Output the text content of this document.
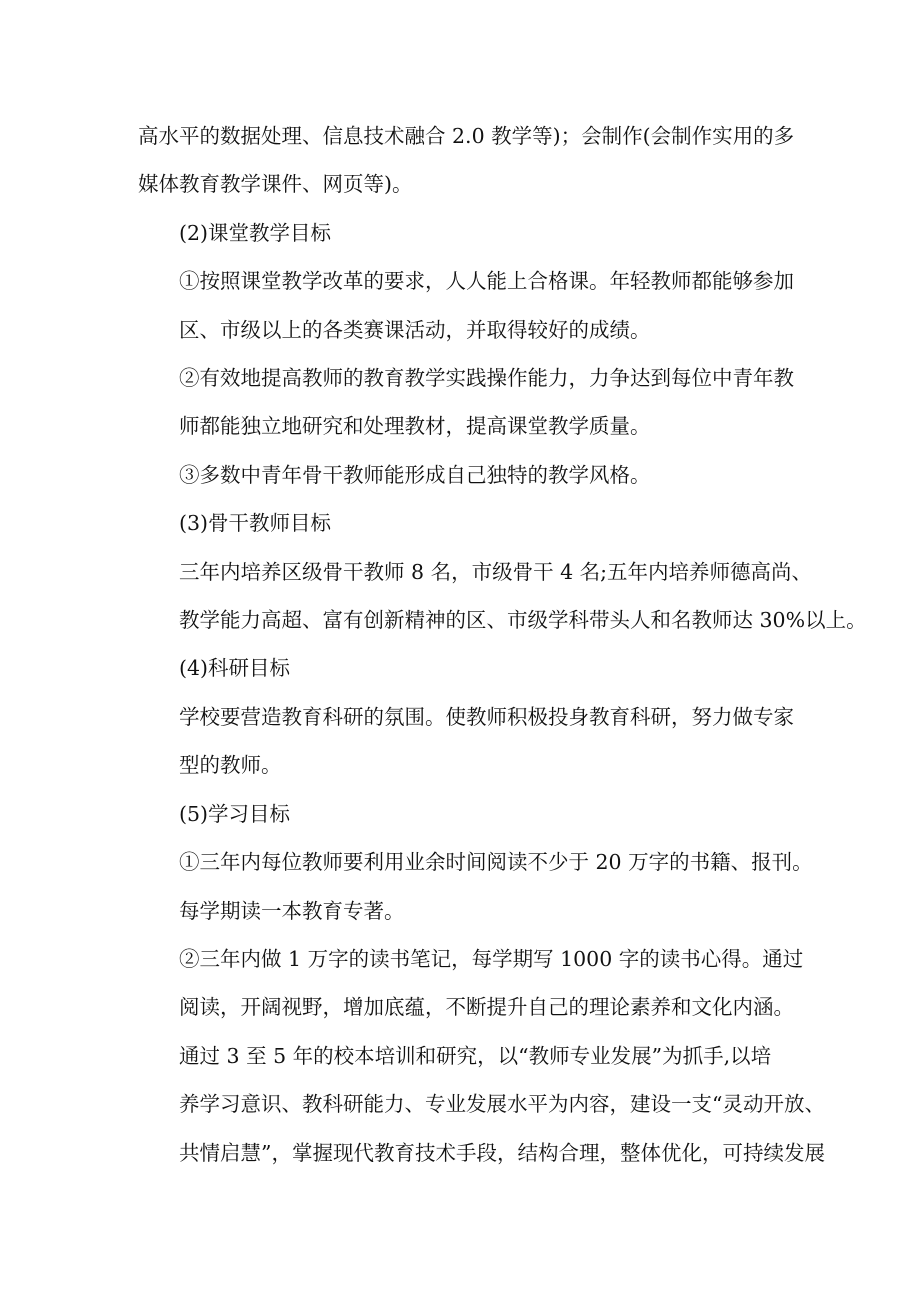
高水平的数据处理、信息技术融合 2.0 教学等)；会制作(会制作实用的多
媒体教育教学课件、网页等)。

(2)课堂教学目标

①按照课堂教学改革的要求，人人能上合格课。年轻教师都能够参加
区、市级以上的各类赛课活动，并取得较好的成绩。

②有效地提高教师的教育教学实践操作能力，力争达到每位中青年教
师都能独立地研究和处理教材，提高课堂教学质量。

③多数中青年骨干教师能形成自己独特的教学风格。

(3)骨干教师目标

三年内培养区级骨干教师 8 名，市级骨干 4 名;五年内培养师德高尚、
教学能力高超、富有创新精神的区、市级学科带头人和名教师达 30%以上。

(4)科研目标

学校要营造教育科研的氛围。使教师积极投身教育科研，努力做专家
型的教师。

(5)学习目标

①三年内每位教师要利用业余时间阅读不少于 20 万字的书籍、报刊。
每学期读一本教育专著。

②三年内做 1 万字的读书笔记，每学期写 1000 字的读书心得。通过
阅读，开阔视野，增加底蕴，不断提升自己的理论素养和文化内涵。

通过 3 至 5 年的校本培训和研究，以“教师专业发展”为抓手,以培
养学习意识、教科研能力、专业发展水平为内容，建设一支“灵动开放、
共情启慧”，掌握现代教育技术手段，结构合理，整体优化，可持续发展
